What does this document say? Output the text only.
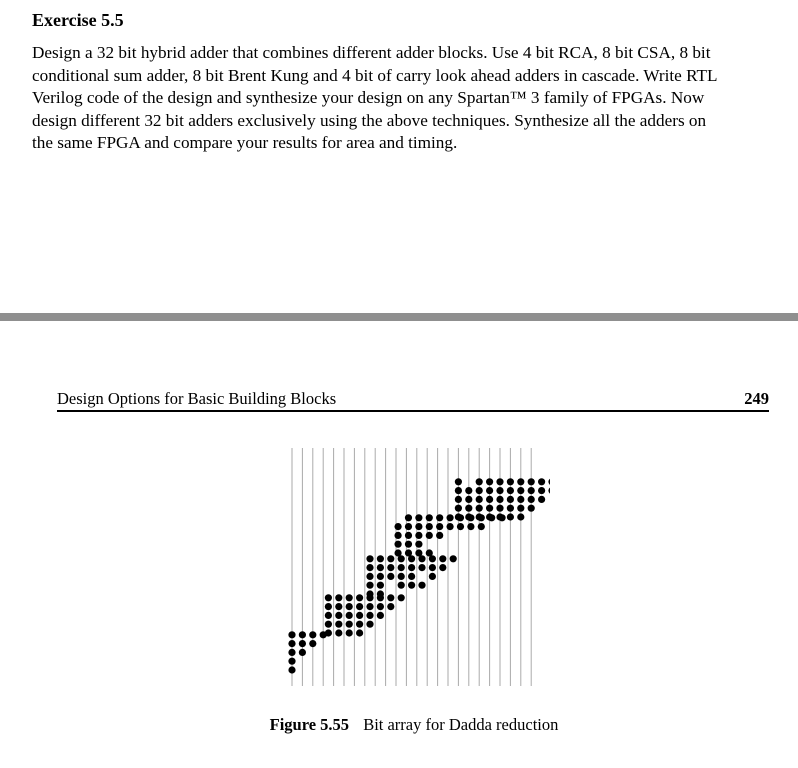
Exercise 5.5
Design a 32 bit hybrid adder that combines different adder blocks. Use 4 bit RCA, 8 bit CSA, 8 bit
conditional sum adder, 8 bit Brent Kung and 4 bit of carry look ahead adders in cascade. Write RTL
Verilog code of the design and synthesize your design on any Spartan™ 3 family of FPGAs. Now
design different 32 bit adders exclusively using the above techniques. Synthesize all the adders on
the same FPGA and compare your results for area and timing.
Design Options for Basic Building Blocks	249
Figure 5.55 Bit array for Dadda reduction
